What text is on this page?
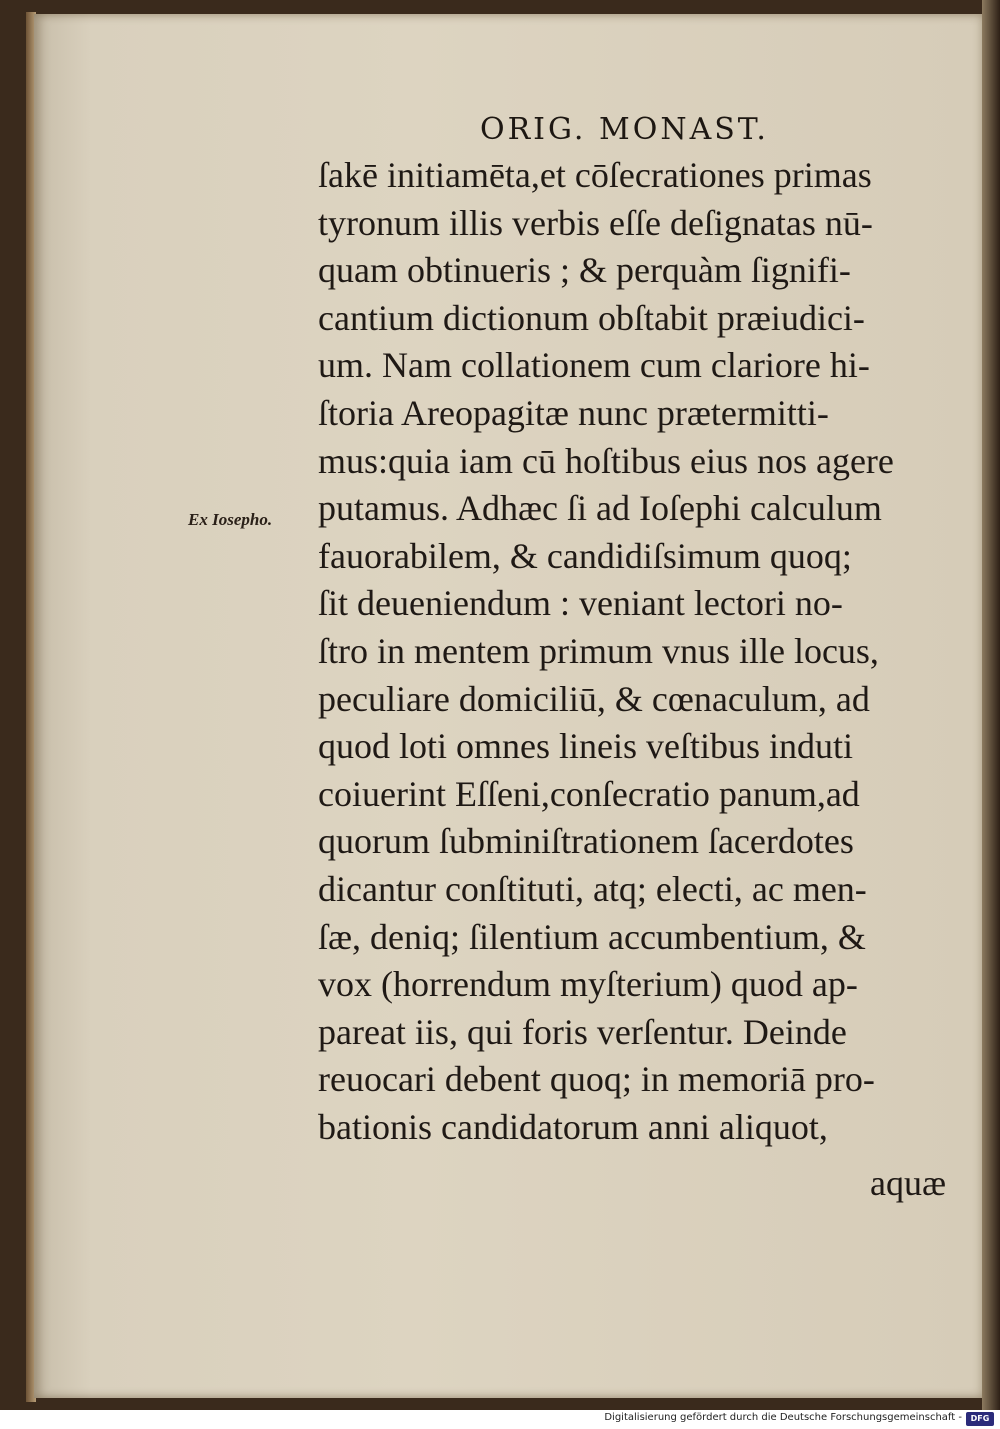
ORIG. MONAST.
Ex Iosepho.
ſakē initiamēta,et cōſecrationes primas
tyronum illis verbis eſſe deſignatas nū-
quam obtinueris ; & perquàm ſignifi-
cantium dictionum obſtabit præiudici-
um. Nam collationem cum clariore hi-
ſtoria Areopagitæ nunc prætermitti-
mus:quia iam cū hoſtibus eius nos agere
putamus. Adhæc ſi ad Ioſephi calculum
fauorabilem, & candidiſsimum quoq;
ſit deueniendum : veniant lectori no-
ſtro in mentem primum vnus ille locus,
peculiare domiciliū, & cœnaculum, ad
quod loti omnes lineis veſtibus induti
coiuerint Eſſeni,conſecratio panum,ad
quorum ſubminiſtrationem ſacerdotes
dicantur conſtituti, atq; electi, ac men-
ſæ, deniq; ſilentium accumbentium, &
vox (horrendum myſterium) quod ap-
pareat iis, qui foris verſentur. Deinde
reuocari debent quoq; in memoriā pro-
bationis candidatorum anni aliquot,
aquæ
Digitalisierung gefördert durch die Deutsche Forschungsgemeinschaft -	DFG
